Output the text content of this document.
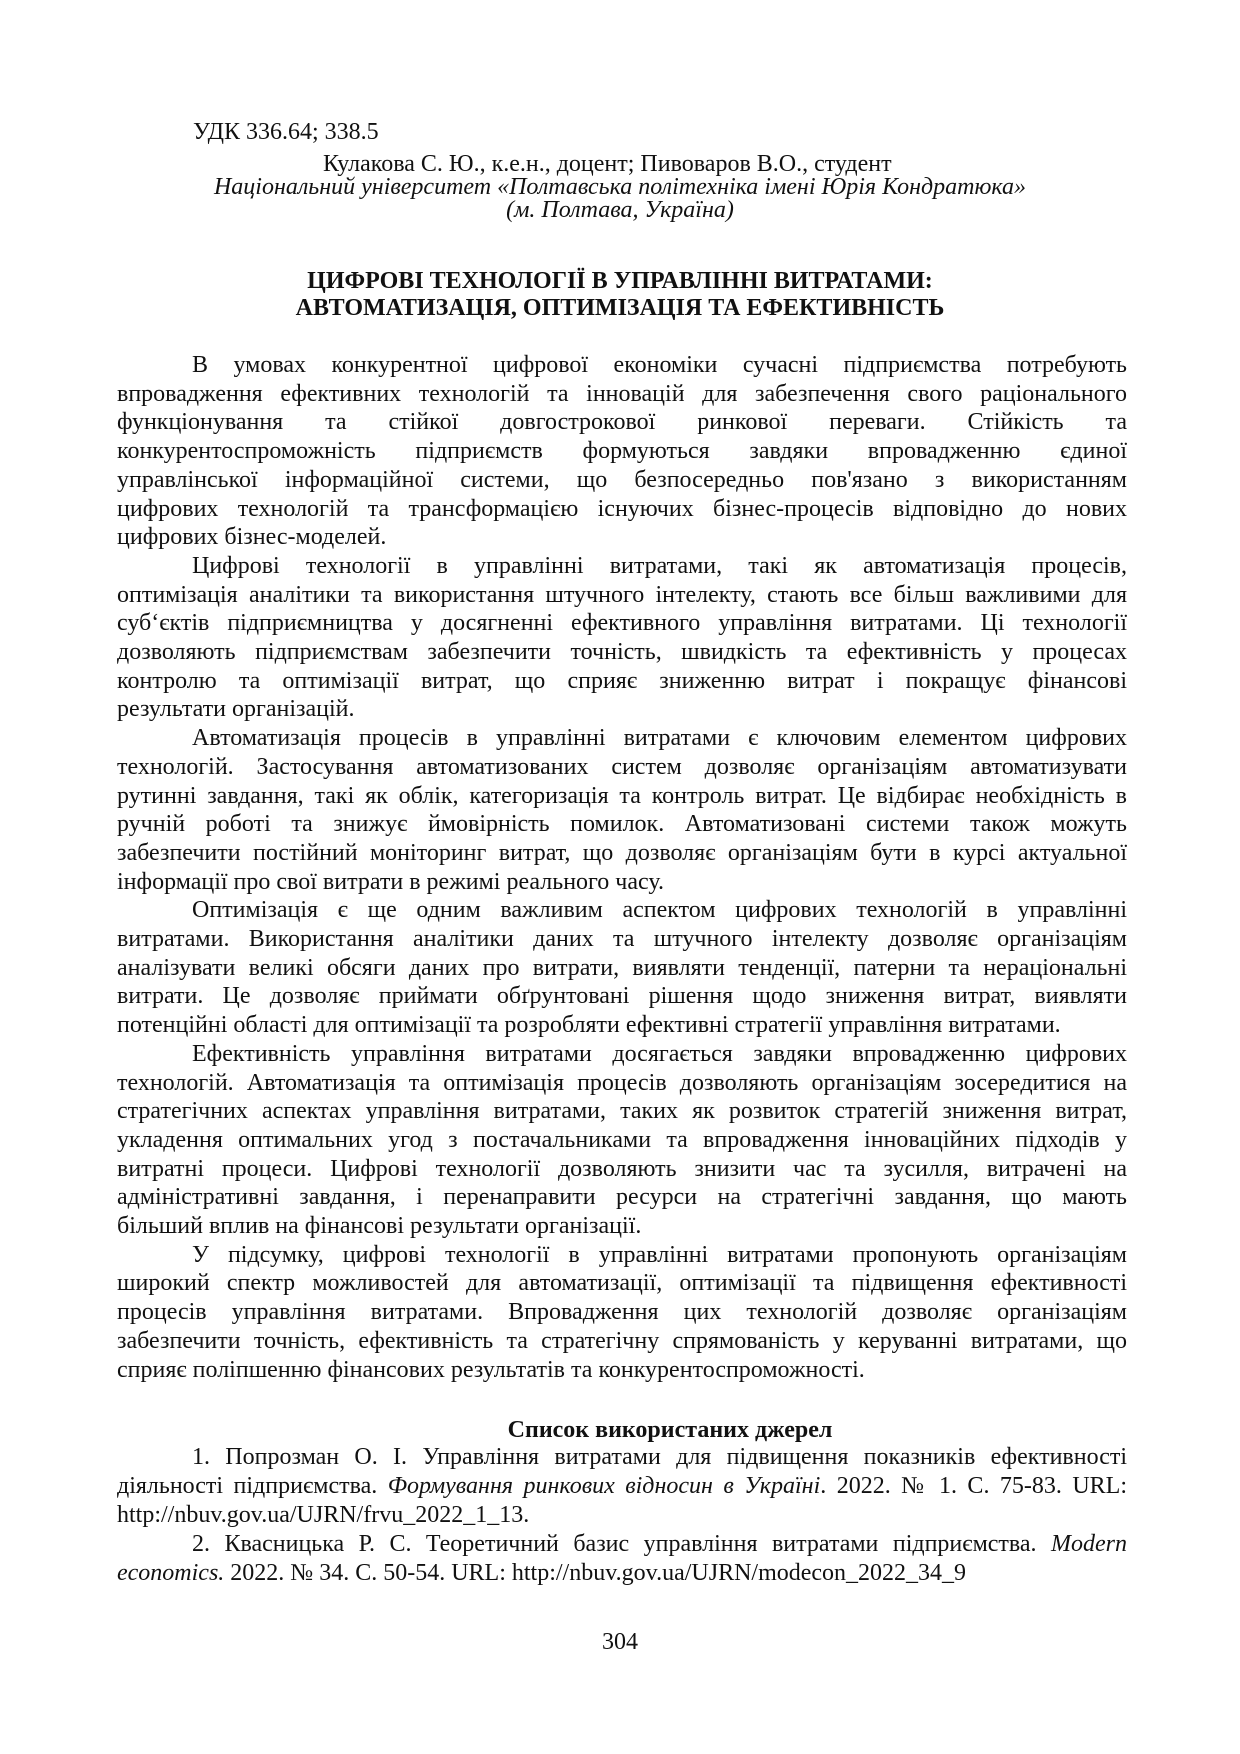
УДК 336.64; 338.5
Кулакова С. Ю., к.е.н., доцент; Пивоваров В.О., студент
Національний університет «Полтавська політехніка імені Юрія Кондратюка»
(м. Полтава, Україна)
ЦИФРОВІ ТЕХНОЛОГІЇ В УПРАВЛІННІ ВИТРАТАМИ:
АВТОМАТИЗАЦІЯ, ОПТИМІЗАЦІЯ ТА ЕФЕКТИВНІСТЬ
В умовах конкурентної цифрової економіки сучасні підприємства потребують
впровадження ефективних технологій та інновацій для забезпечення свого раціонального
функціонування та стійкої довгострокової ринкової переваги. Стійкість та
конкурентоспроможність підприємств формуються завдяки впровадженню єдиної
управлінської інформаційної системи, що безпосередньо пов'язано з використанням
цифрових технологій та трансформацією існуючих бізнес-процесів відповідно до нових
цифрових бізнес-моделей.
Цифрові технології в управлінні витратами, такі як автоматизація процесів,
оптимізація аналітики та використання штучного інтелекту, стають все більш важливими для
суб‘єктів підприємництва у досягненні ефективного управління витратами. Ці технології
дозволяють підприємствам забезпечити точність, швидкість та ефективність у процесах
контролю та оптимізації витрат, що сприяє зниженню витрат і покращує фінансові
результати організацій.
Автоматизація процесів в управлінні витратами є ключовим елементом цифрових
технологій. Застосування автоматизованих систем дозволяє організаціям автоматизувати
рутинні завдання, такі як облік, категоризація та контроль витрат. Це відбирає необхідність в
ручній роботі та знижує ймовірність помилок. Автоматизовані системи також можуть
забезпечити постійний моніторинг витрат, що дозволяє організаціям бути в курсі актуальної
інформації про свої витрати в режимі реального часу.
Оптимізація є ще одним важливим аспектом цифрових технологій в управлінні
витратами. Використання аналітики даних та штучного інтелекту дозволяє організаціям
аналізувати великі обсяги даних про витрати, виявляти тенденції, патерни та нераціональні
витрати. Це дозволяє приймати обґрунтовані рішення щодо зниження витрат, виявляти
потенційні області для оптимізації та розробляти ефективні стратегії управління витратами.
Ефективність управління витратами досягається завдяки впровадженню цифрових
технологій. Автоматизація та оптимізація процесів дозволяють організаціям зосередитися на
стратегічних аспектах управління витратами, таких як розвиток стратегій зниження витрат,
укладення оптимальних угод з постачальниками та впровадження інноваційних підходів у
витратні процеси. Цифрові технології дозволяють знизити час та зусилля, витрачені на
адміністративні завдання, і перенаправити ресурси на стратегічні завдання, що мають
більший вплив на фінансові результати організації.
У підсумку, цифрові технології в управлінні витратами пропонують організаціям
широкий спектр можливостей для автоматизації, оптимізації та підвищення ефективності
процесів управління витратами. Впровадження цих технологій дозволяє організаціям
забезпечити точність, ефективність та стратегічну спрямованість у керуванні витратами, що
сприяє поліпшенню фінансових результатів та конкурентоспроможності.
Список використаних джерел
1. Попрозман О. І. Управління витратами для підвищення показників ефективності
діяльності підприємства. Формування ринкових відносин в Україні. 2022. № 1. С. 75-83. URL:
http://nbuv.gov.ua/UJRN/frvu_2022_1_13.
2. Квасницька Р. С. Теоретичний базис управління витратами підприємства. Modern
economics. 2022. № 34. С. 50-54. URL: http://nbuv.gov.ua/UJRN/modecon_2022_34_9
304
